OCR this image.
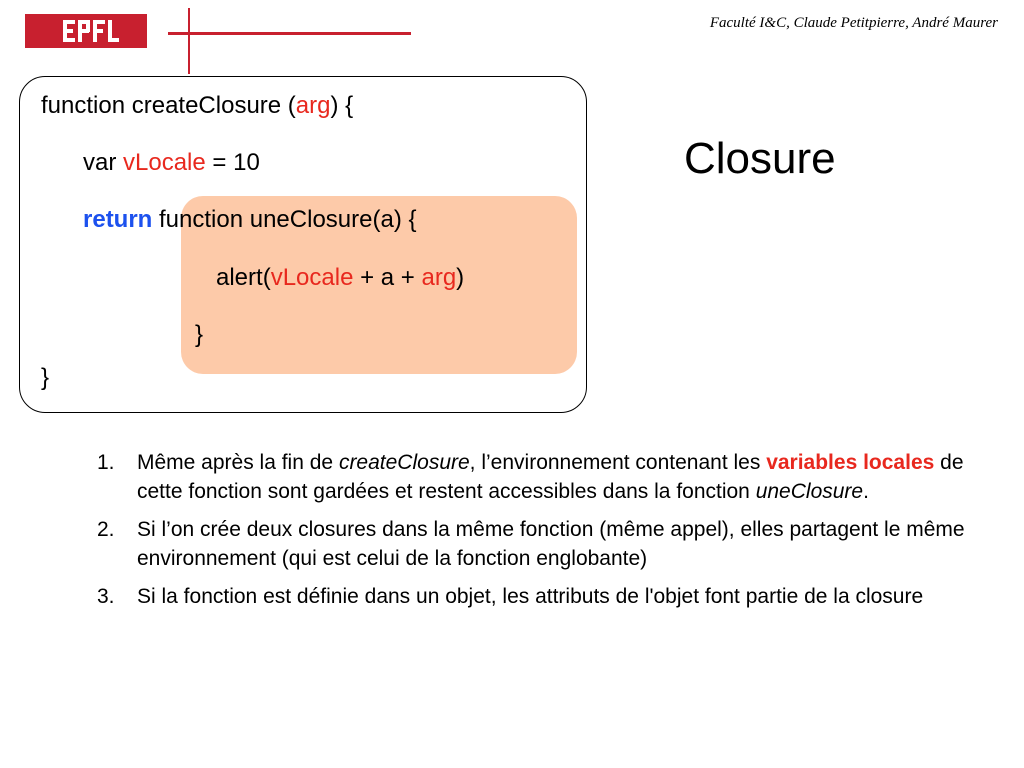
Faculté I&C, Claude Petitpierre, André Maurer
function createClosure (arg) {
var vLocale = 10
return function uneClosure(a) {
alert(vLocale + a + arg)
}
}
Closure
1. Même après la fin de createClosure, l’environnement contenant les variables locales de cette fonction sont gardées et restent accessibles dans la fonction uneClosure.
2. Si l’on crée deux closures dans la même fonction (même appel), elles partagent le même environnement (qui est celui de la fonction englobante)
3. Si la fonction est définie dans un objet, les attributs de l'objet font partie de la closure
